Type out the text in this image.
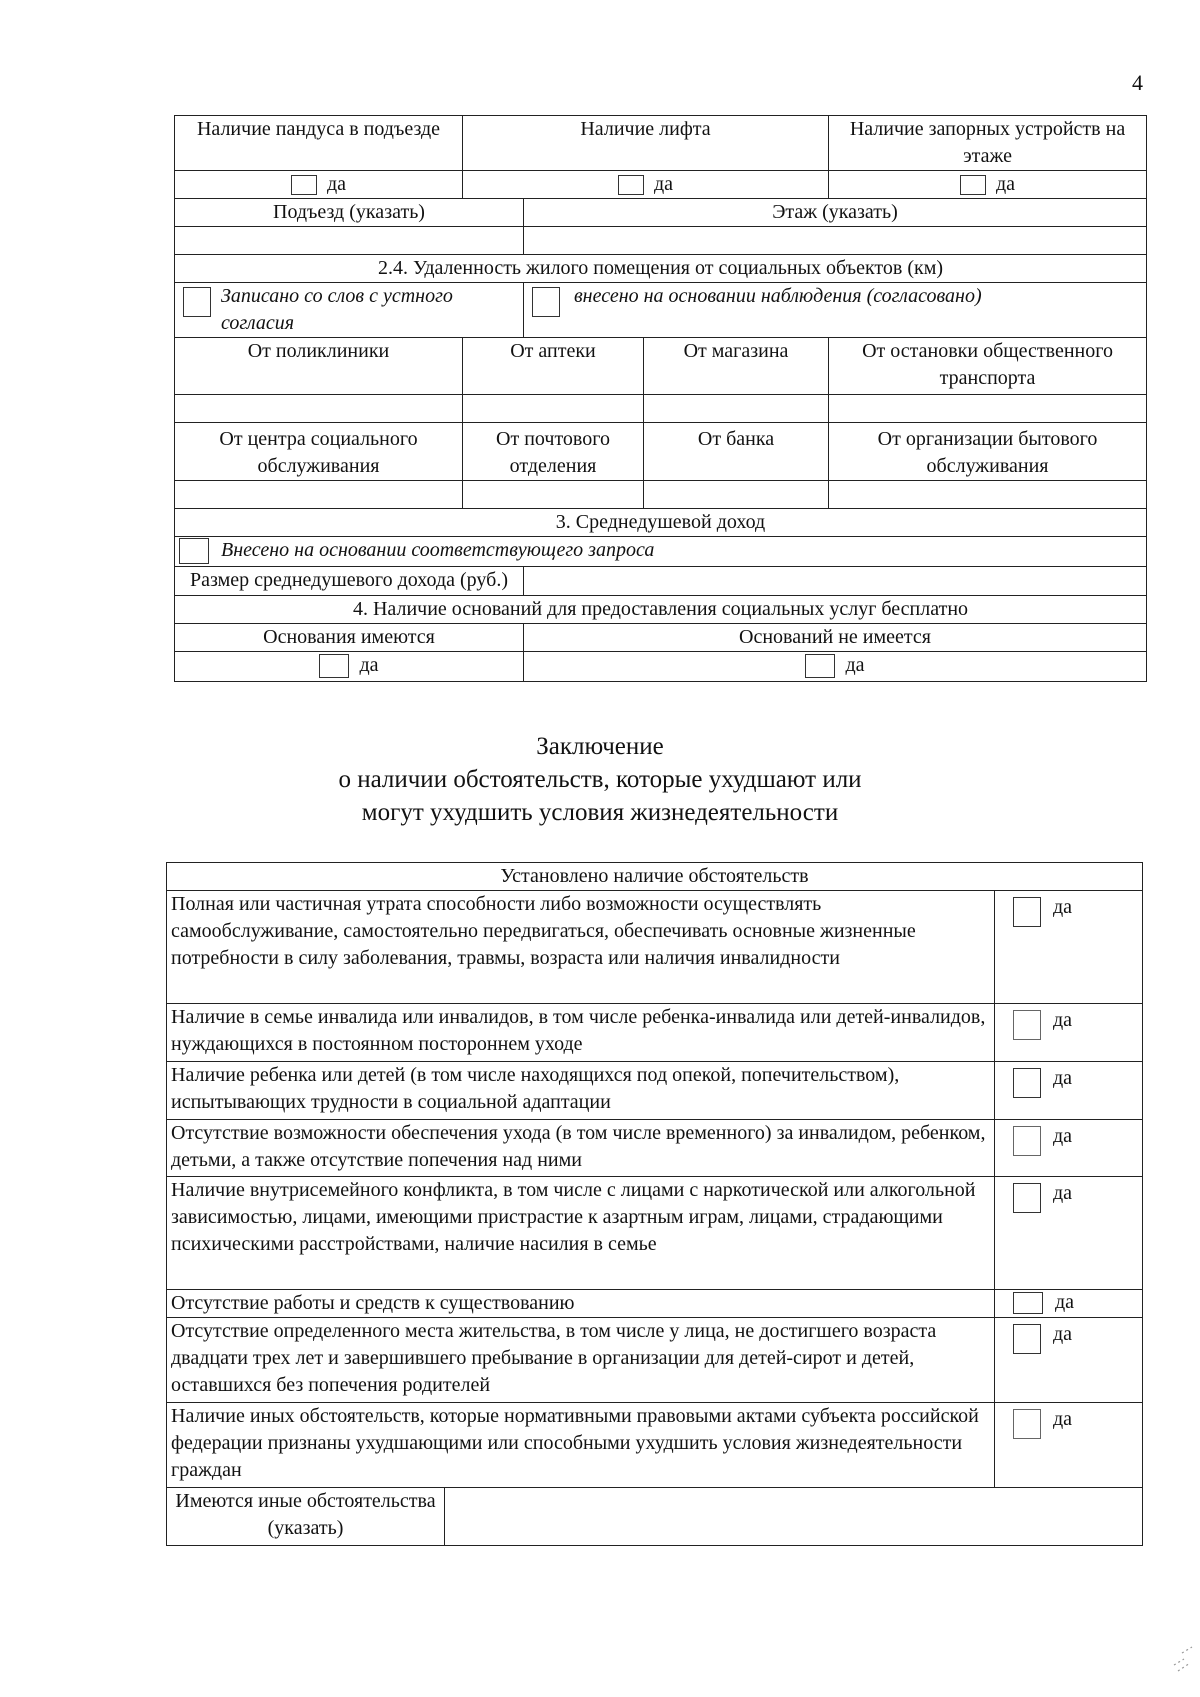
4
Наличие пандуса в подъезде	Наличие лифта			Наличие запорных устройств на этаже
да	да			да
Подъезд (указать)		Этаж (указать)		

2.4. Удаленность жилого помещения от социальных объектов (км)				

Записано со слов с устного согласия		внесено на основании наблюдения (согласовано)		
От поликлиники	От аптеки		От магазина	От остановки общественного транспорта

От центра социального обслуживания	От почтового отделения		От банка	От организации бытового обслуживания

3. Среднедушевой доход				
Внесено на основании соответствующего запроса				
Размер среднедушевого дохода (руб.)				
4. Наличие оснований для предоставления социальных услуг бесплатно				
Основания имеются		Оснований не имеется		
да		да		
Заключение
о наличии обстоятельств, которые ухудшают или
могут ухудшить условия жизнедеятельности
Установлено наличие обстоятельств		
Полная или частичная утрата способности либо возможности осуществлять самообслуживание, самостоятельно передвигаться, обеспечивать основные жизненные потребности в силу заболевания, травмы, возраста или наличия инвалидности		да

Наличие в семье инвалида или инвалидов, в том числе ребенка-инвалида или детей-инвалидов, нуждающихся в постоянном постороннем уходе		да

Наличие ребенка или детей (в том числе находящихся под опекой, попечительством), испытывающих трудности в социальной адаптации		да

Отсутствие возможности обеспечения ухода (в том числе временного) за инвалидом, ребенком, детьми, а также отсутствие попечения над ними		да

Наличие внутрисемейного конфликта, в том числе с лицами с наркотической или алкогольной зависимостью, лицами, имеющими пристрастие к азартным играм, лицами, страдающими психическими расстройствами, наличие насилия в семье		да

Отсутствие работы и средств к существованию		да

Отсутствие определенного места жительства, в том числе у лица, не достигшего возраста двадцати трех лет и завершившего пребывание в организации для детей-сирот и детей, оставшихся без попечения родителей		да

Наличие иных обстоятельств, которые нормативными правовыми актами субъекта российской федерации признаны ухудшающими или способными ухудшить условия жизнедеятельности граждан		да

Имеются иные обстоятельства (указать)		
